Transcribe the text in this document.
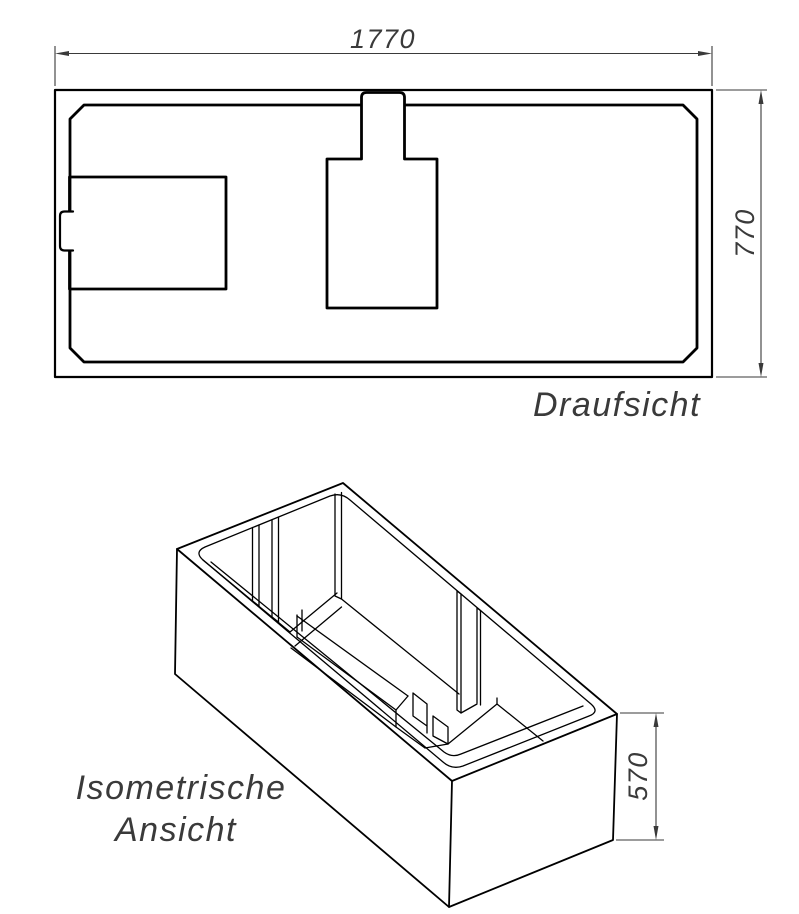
1770
770
Draufsicht
570
Isometrische
Ansicht
